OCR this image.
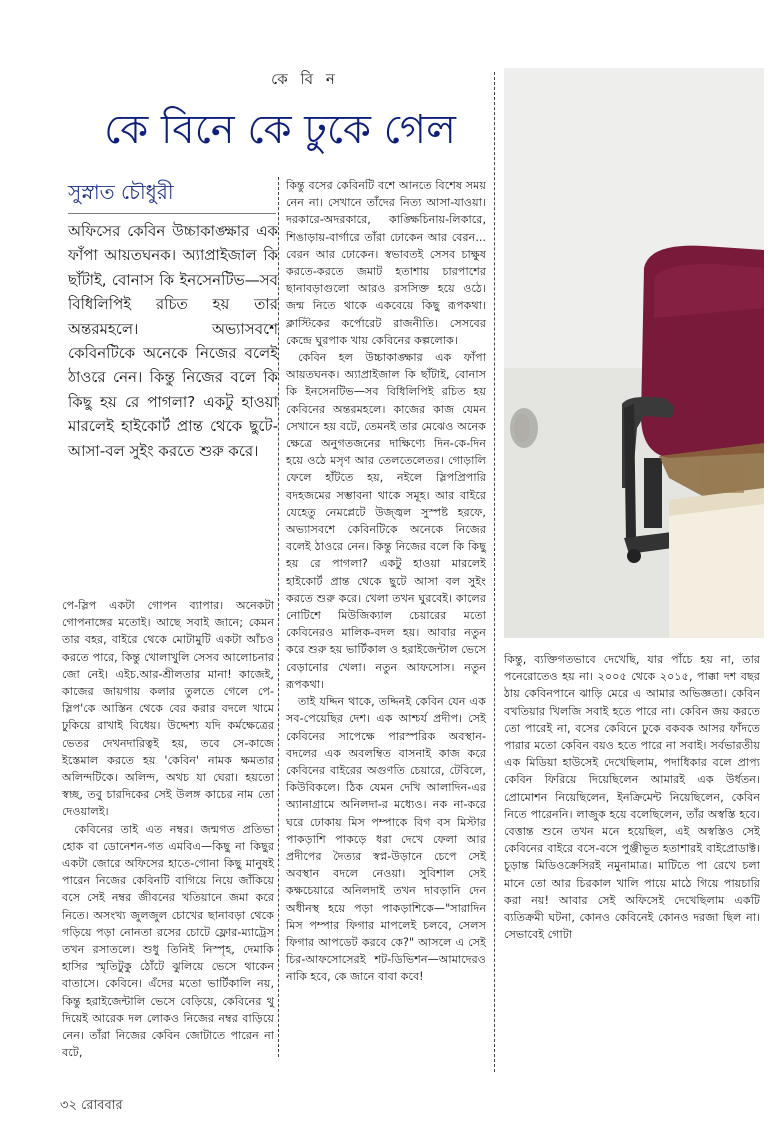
কে বি ন
কে বিনে কে ঢুকে গেল
সুস্নাত চৌধুরী
অফিসের কেবিন উচ্চাকাঙ্ক্ষার এক ফাঁপা আয়তঘনক। অ্যাপ্রাইজাল কি ছাঁটাই, বোনাস কি ইনসেনটিভ—সব বিধিলিপিই রচিত হয় তার অন্তরমহলে। অভ্যাসবশে কেবিনটিকে অনেকে নিজের বলেই ঠাওরে নেন। কিন্তু নিজের বলে কি কিছু হয় রে পাগলা? একটু হাওয়া মারলেই হাইকোর্ট প্রান্ত থেকে ছুটে-আসা-বল সুইং করতে শুরু করে।

পে-স্লিপ একটা গোপন ব্যাপার। অনেকটা গোপনাঙ্গের মতোই। আছে সবাই জানে; কেমন তার বহর, বাইরে থেকে মোটামুটি একটা আঁচও করতে পারে, কিন্তু খোলাখুলি সেসব আলোচনার জো নেই। এইচ.আর-শ্রীলতার মানা! কাজেই, কাজের জায়গায় কলার তুলতে গেলে পে-স্লিপ'কে আস্তিন থেকে বের করার বদলে খামে ঢুকিয়ে রাখাই বিধেয়। উদ্দেশ্য যদি কর্মক্ষেত্রের ভেতর দেখনদারিত্বই হয়, তবে সে-কাজে ইস্তেমাল করতে হয় 'কেবিন' নামক ক্ষমতার অলিন্দটিকে। অলিন্দ, অথচ যা ঘেরা। হয়তো স্বচ্ছ, তবু চারদিকের সেই উলঙ্গ কাচের নাম তো দেওয়ালই।

কেবিনের তাই এত নম্বর। জন্মগত প্রতিভা হোক বা ডোনেশন-গত এমবিএ—কিছু না কিছুর একটা জোরে অফিসের হাতে-গোনা কিছু মানুষই পারেন নিজের কেবিনটি বাগিয়ে নিয়ে জাঁকিয়ে বসে সেই নম্বর জীবনের খতিয়ানে জমা করে নিতে। অসংখ্য জুলজুল চোখের ছানাবড়া থেকে গড়িয়ে পড়া নোনতা রসের চোটে ফ্লোর-ম্যাট্রেস তখন রসাতলে। শুধু তিনিই নিস্পৃহ, দেমাকি হাসির স্মৃতিটুকু ঠোঁটে ঝুলিয়ে ভেসে থাকেন বাতাসে। কেবিনে। এঁদের মতো ভার্টিকালি নয়, কিন্তু হরাইজেন্টালি ভেসে বেড়িয়ে, কেবিনের থু দিয়েই আরেক দল লোকও নিজের নম্বর বাড়িয়ে নেন। তাঁরা নিজের কেবিন জোটাতে পারেন না বটে,

কিন্তু বসের কেবিনটি বশে আনতে বিশেষ সময় নেন না। সেখানে তাঁদের নিত্য আসা-যাওয়া। দরকারে-অদরকারে, কাঙ্ক্ষিচিনায়-লিকারে, শিঙাড়ায়-বার্গারে তাঁরা ঢোকেন আর বেরন... বেরন আর ঢোকেন। স্বভাবতই সেসব চাক্ষুষ করতে-করতে জমাট হতাশায় চারপাশের ছানাবড়াগুলো আরও রসসিক্ত হয়ে ওঠে। জন্ম নিতে থাকে একবেয়ে কিছু রূপকথা। ক্লাস্টিকের কর্পোরেট রাজনীতি। সেসবের কেন্দ্রে ঘুরপাক খায় কেবিনের কল্পলোক।

কেবিন হল উচ্চাকাঙ্ক্ষার এক ফাঁপা আয়তঘনক। অ্যাপ্রাইজাল কি ছাঁটাই, বোনাস কি ইনসেনটিভ—সব বিধিলিপিই রচিত হয় কেবিনের অন্তরমহলে। কাজের কাজ যেমন সেখানে হয় বটে, তেমনই তার মেঝেও অনেক ক্ষেত্রে অনুগতজনের দাক্ষিণ্যে দিন-কে-দিন হয়ে ওঠে মসৃণ আর তেলতেলেতর। গোড়ালি ফেলে হাঁটতে হয়, নইলে স্লিপপ্রিপারি বদহজমের সম্ভাবনা থাকে সমূহ। আর বাইরে যেহেতু নেমপ্লেটে উজ্জ্বল সুস্পষ্ট হরফে, অভ্যাসবশে কেবিনটিকে অনেকে নিজের বলেই ঠাওরে নেন। কিন্তু নিজের বলে কি কিছু হয় রে পাগলা? একটু হাওয়া মারলেই হাইকোর্ট প্রান্ত থেকে ছুটে আসা বল সুইং করতে শুরু করে। খেলা তখন ঘুরবেই। কালের নোটিশে মিউজিক্যাল চেয়ারের মতো কেবিনেরও মালিক-বদল হয়। আবার নতুন করে শুরু হয় ভার্টিকাল ও হরাইজেন্টাল ভেসে বেড়ানোর খেলা। নতুন আফসোস। নতুন রূপকথা।

তাই যদ্দিন থাকে, তদ্দিনই কেবিন যেন এক সব-পেয়েছির দেশ। এক আশ্চর্য প্রদীপ। সেই কেবিনের সাপেক্ষে পারস্পরিক অবস্থান-বদলের এক অবলম্বিত বাসনাই কাজ করে কেবিনের বাইরের অগুণতি চেয়ারে, টেবিলে, কিউবিকলে। ঠিক যেমন দেখি আলাদিন-এর অ্যানাগ্রামে অনিলদা-র মধ্যেও। নক না-করে ঘরে ঢোকায় মিস পম্পাকে বিগ বস মিস্টার পাকড়াশি পাকড়ে ধরা দেখে ফেলা আর প্রদীপের দৈত্যর স্বপ্ন-উড়ানে চেপে সেই অবস্থান বদলে নেওয়া। সুবিশাল সেই কক্ষচেয়ারে অনিলদাই তখন দাবড়ানি দেন অধীনস্থ হয়ে পড়া পাকড়াশিকে—"সারাদিন মিস পম্পার ফিগার মাপলেই চলবে, সেলস ফিগার আপডেট করবে কে?" আসলে এ সেই চির-আফসোসেরই শট-ডিভিশন—আমাদেরও নাকি হবে, কে জানে বাবা কবে!

কিন্তু, ব্যক্তিগতভাবে দেখেছি, যার পাঁচে হয় না, তার পনেরোতেও হয় না। ২০০৫ থেকে ২০১৫, পাক্কা দশ বছর ঠায় কেবিনপানে ঝাড়ি মেরে এ আমার অভিজ্ঞতা। কেবিন বখতিয়ার খিলজি সবাই হতে পারে না। কেবিন জয় করতে তো পারেই না, বসের কেবিনে ঢুকে বকবক আসর ফাঁদতে পারার মতো কেবিন বয়ও হতে পারে না সবাই। সর্বভারতীয় এক মিডিয়া হাউসেই দেখেছিলাম, পদাধিকার বলে প্রাপ্য কেবিন ফিরিয়ে দিয়েছিলেন আমারই এক উর্ধতন। প্রোমোশন নিয়েছিলেন, ইনক্রিমেন্ট নিয়েছিলেন, কেবিন নিতে পারেননি। লাজুক হয়ে বলেছিলেন, তাঁর অস্বস্তি হবে। বেত্তান্ত শুনে তখন মনে হয়েছিল, এই অস্বস্তিও সেই কেবিনের বাইরে বসে-বসে পুঞ্জীভূত হতাশারই বাইপ্রোডাক্ট। চূড়ান্ত মিডিওক্রেসিরই নমুনামাত্র। মাটিতে পা রেখে চলা মানে তো আর চিরকাল খালি পায়ে মাঠে গিয়ে পায়চারি করা নয়! আবার সেই অফিসেই দেখেছিলাম একটি ব্যতিক্রমী ঘটনা, কোনও কেবিনেই কোনও দরজা ছিল না। সেভাবেই গোটা

৩২ রোববার
